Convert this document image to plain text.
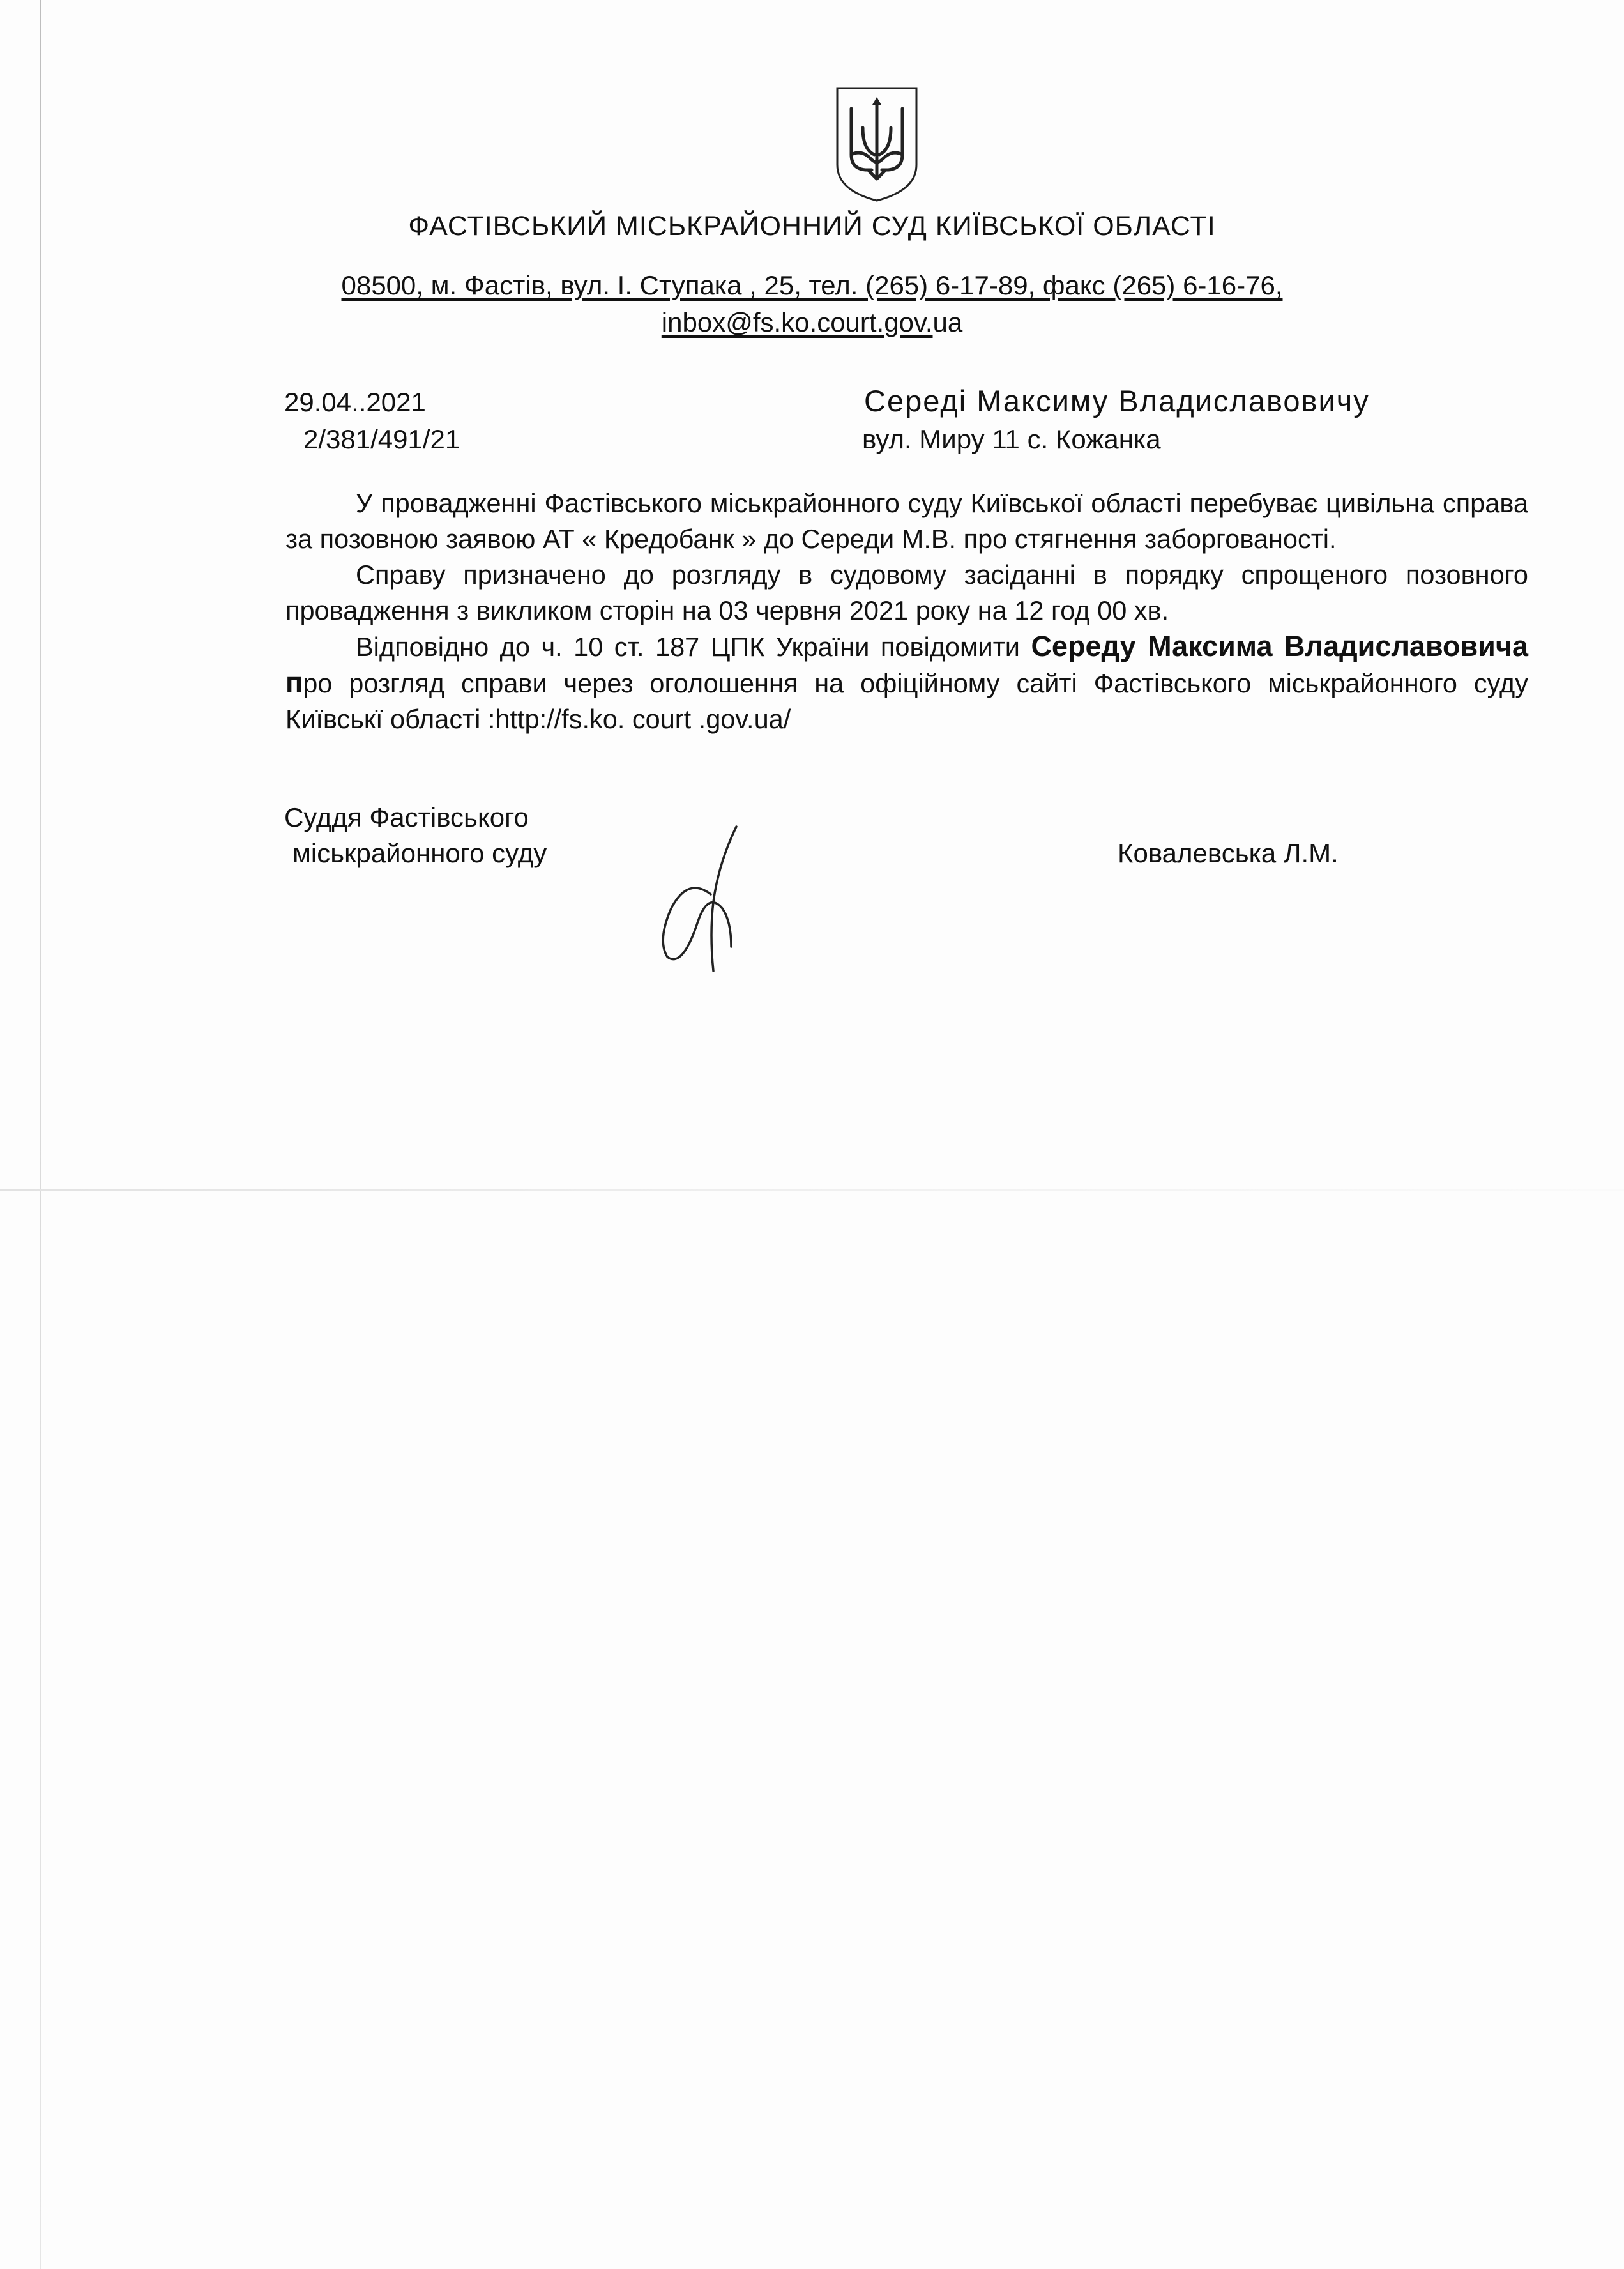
ФАСТІВСЬКИЙ МІСЬКРАЙОННИЙ СУД КИЇВСЬКОЇ ОБЛАСТІ
08500, м. Фастів, вул. І. Ступака , 25, тел. (265) 6-17-89, факс (265) 6-16-76,
inbox@fs.ko.court.gov.ua
29.04..2021
2/381/491/21
Середі Максиму Владиславовичу
вул. Миру 11 с. Кожанка

У провадженні Фастівського міськрайонного суду Київської області перебуває цивільна справа за позовною заявою АТ « Кредобанк » до Середи М.В. про стягнення заборгованості.

Справу призначено до розгляду в судовому засіданні в порядку спрощеного позовного провадження з викликом сторін на 03 червня 2021 року на 12 год 00 хв.

Відповідно до ч. 10 ст. 187 ЦПК України повідомити Середу Максима Владиславовича про розгляд справи через оголошення на офіційному сайті Фастівського міськрайонного суду Київськї області :http://fs.ko. court .gov.ua/

Суддя Фастівського
міськрайонного суду	Ковалевська Л.М.
